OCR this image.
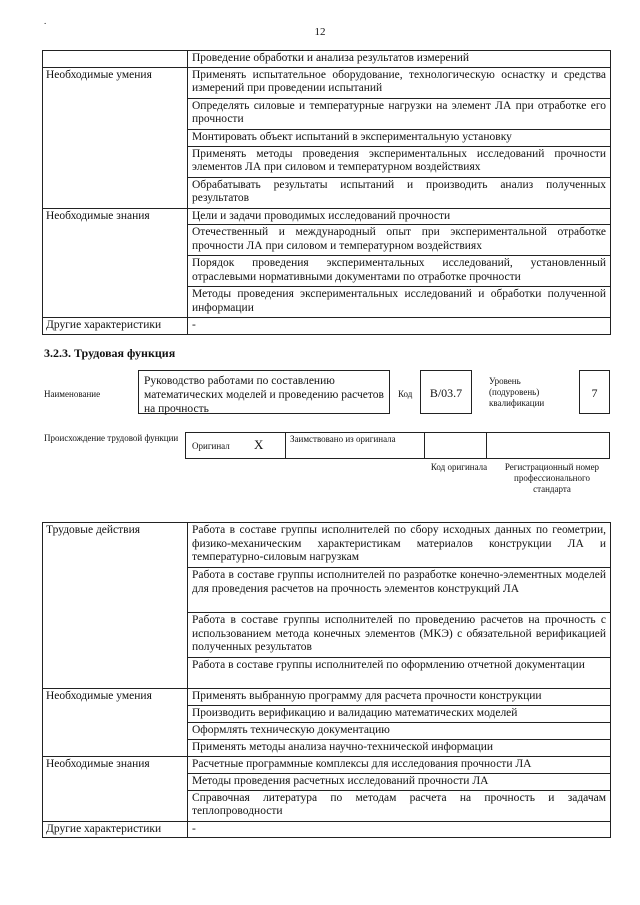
.
12
	Проведение обработки и анализа результатов измерений
Необходимые умения	Применять испытательное оборудование, технологическую оснастку и средства измерений при проведении испытаний
	Определять силовые и температурные нагрузки на элемент ЛА при отработке его прочности
	Монтировать объект испытаний в экспериментальную установку
	Применять методы проведения экспериментальных исследований прочности элементов ЛА при силовом и температурном воздействиях
	Обрабатывать результаты испытаний и производить анализ полученных результатов
Необходимые знания	Цели и задачи проводимых исследований прочности
	Отечественный и международный опыт при экспериментальной отработке прочности ЛА при силовом и температурном воздействиях
	Порядок проведения экспериментальных исследований, установленный отраслевыми нормативными документами по отработке прочности
	Методы проведения экспериментальных исследований и обработки полученной информации
Другие характеристики	-
3.2.3. Трудовая функция
Наименование
Руководство работами по составлению математических моделей и проведению расчетов на прочность
Код	В/03.7
Уровень (подуровень) квалификации
7
Происхождение трудовой функции
Оригинал X	Заимствовано из оригинала
Код оригинала	Регистрационный номер профессионального стандарта
Трудовые действия	Работа в составе группы исполнителей по сбору исходных данных по геометрии, физико-механическим характеристикам материалов конструкции ЛА и температурно-силовым нагрузкам
	Работа в составе группы исполнителей по разработке конечно-элементных моделей для проведения расчетов на прочность элементов конструкций ЛА
	Работа в составе группы исполнителей по проведению расчетов на прочность с использованием метода конечных элементов (МКЭ) с обязательной верификацией полученных результатов
	Работа в составе группы исполнителей по оформлению отчетной документации
Необходимые умения	Применять выбранную программу для расчета прочности конструкции
	Производить верификацию и валидацию математических моделей
	Оформлять техническую документацию
	Применять методы анализа научно-технической информации
Необходимые знания	Расчетные программные комплексы для исследования прочности ЛА
	Методы проведения расчетных исследований прочности ЛА
	Справочная литература по методам расчета на прочность и задачам теплопроводности
Другие характеристики	-
